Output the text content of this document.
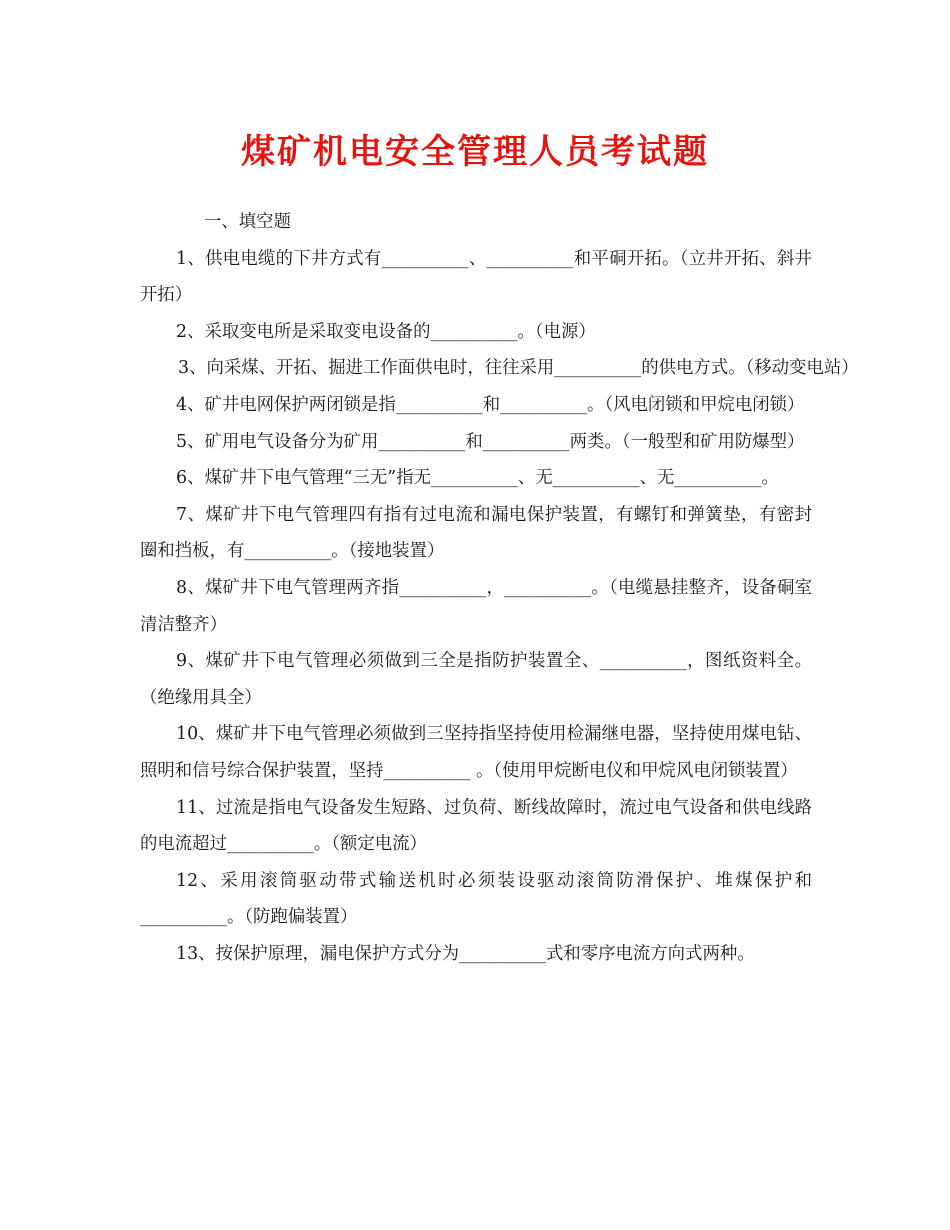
煤矿机电安全管理人员考试题

一、填空题

1、供电电缆的下井方式有__________、__________和平硐开拓。（立井开拓、斜井开拓）

2、采取变电所是采取变电设备的__________。（电源）

3、向采煤、开拓、掘进工作面供电时，往往采用__________的供电方式。（移动变电站）

4、矿井电网保护两闭锁是指__________和__________。（风电闭锁和甲烷电闭锁）

5、矿用电气设备分为矿用__________和__________两类。（一般型和矿用防爆型）

6、煤矿井下电气管理“三无”指无__________、无__________、无__________。

7、煤矿井下电气管理四有指有过电流和漏电保护装置，有螺钉和弹簧垫，有密封圈和挡板，有__________。（接地装置）

8、煤矿井下电气管理两齐指__________，__________。（电缆悬挂整齐，设备硐室清洁整齐）

9、煤矿井下电气管理必须做到三全是指防护装置全、__________，图纸资料全。（绝缘用具全）

10、煤矿井下电气管理必须做到三坚持指坚持使用检漏继电器，坚持使用煤电钻、照明和信号综合保护装置，坚持__________ 。（使用甲烷断电仪和甲烷风电闭锁装置）

11、过流是指电气设备发生短路、过负荷、断线故障时，流过电气设备和供电线路的电流超过__________。（额定电流）

12、采用滚筒驱动带式输送机时必须装设驱动滚筒防滑保护、堆煤保护和__________。（防跑偏装置）

13、按保护原理，漏电保护方式分为__________式和零序电流方向式两种。
